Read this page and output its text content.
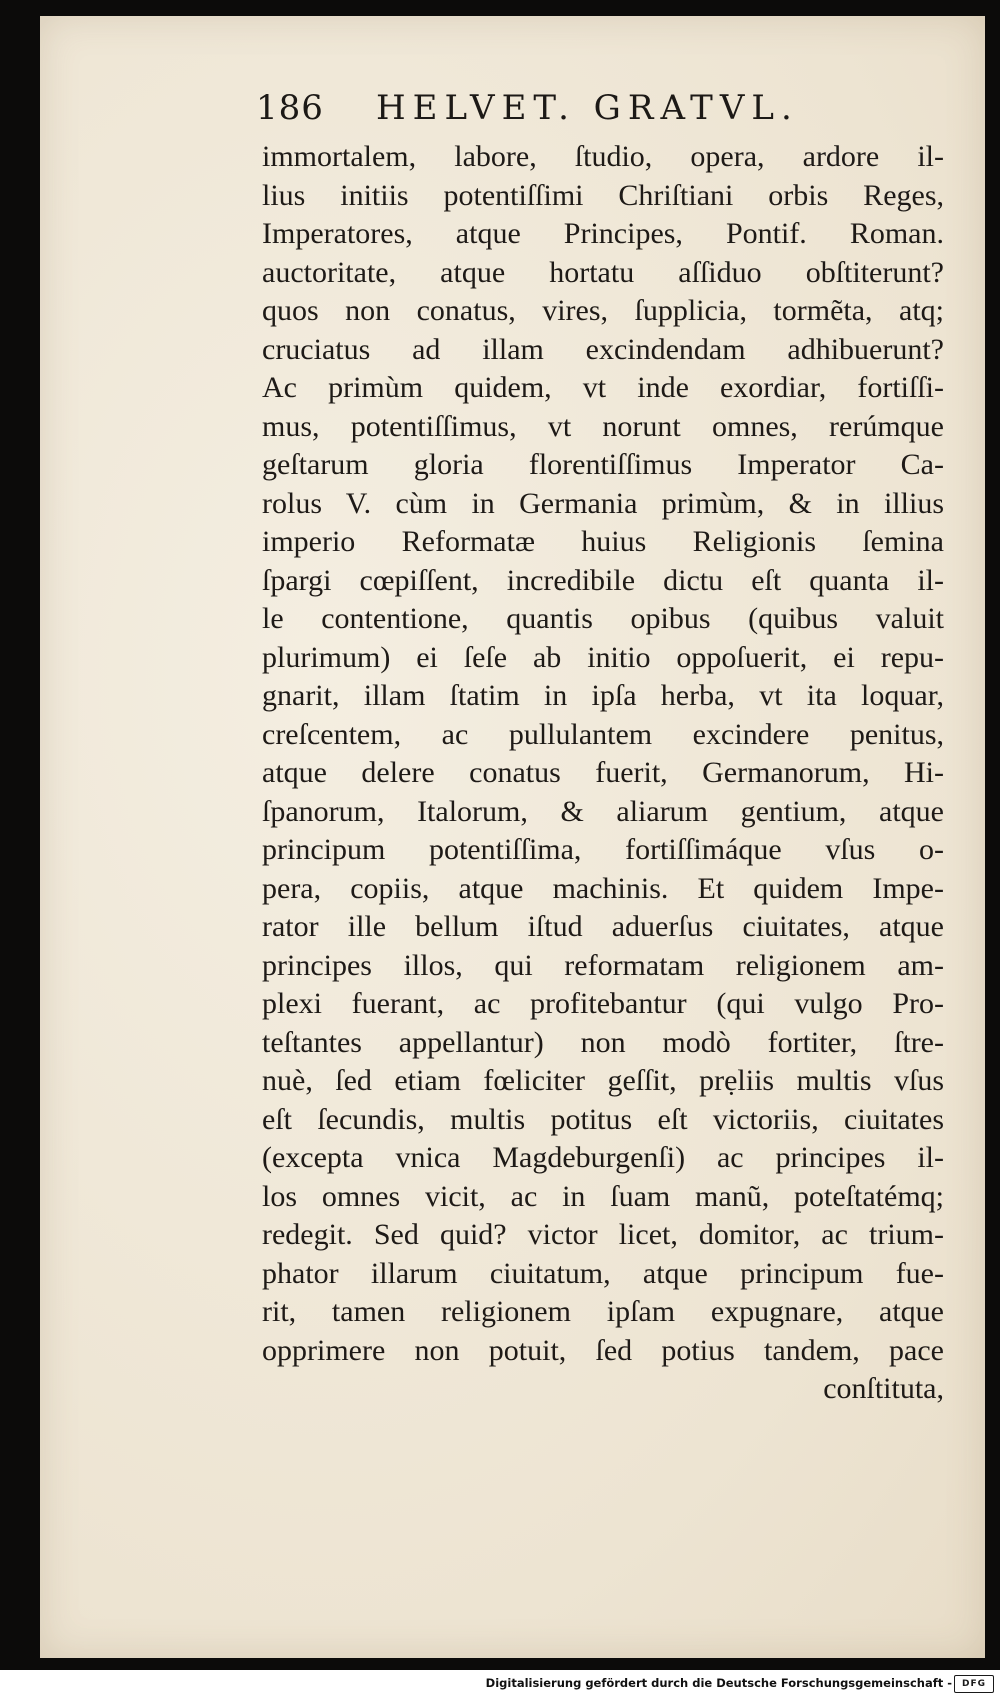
186 HELVET. GRATVL.
immortalem, labore, ſtudio, opera, ardore il-
lius initiis potentiſſimi Chriſtiani orbis Reges,
Imperatores, atque Principes, Pontif. Roman.
auctoritate, atque hortatu aſſiduo obſtiterunt?
quos non conatus, vires, ſupplicia, tormẽta, atq;
cruciatus ad illam excindendam adhibuerunt?
Ac primùm quidem, vt inde exordiar, fortiſſi-
mus, potentiſſimus, vt norunt omnes, rerúmque
geſtarum gloria florentiſſimus Imperator Ca-
rolus V. cùm in Germania primùm, & in illius
imperio Reformatæ huius Religionis ſemina
ſpargi cœpiſſent, incredibile dictu eſt quanta il-
le contentione, quantis opibus (quibus valuit
plurimum) ei ſeſe ab initio oppoſuerit, ei repu-
gnarit, illam ſtatim in ipſa herba, vt ita loquar,
creſcentem, ac pullulantem excindere penitus,
atque delere conatus fuerit, Germanorum, Hi-
ſpanorum, Italorum, & aliarum gentium, atque
principum potentiſſima, fortiſſimáque vſus o-
pera, copiis, atque machinis. Et quidem Impe-
rator ille bellum iſtud aduerſus ciuitates, atque
principes illos, qui reformatam religionem am-
plexi fuerant, ac profitebantur (qui vulgo Pro-
teſtantes appellantur) non modò fortiter, ſtre-
nuè, ſed etiam fœliciter geſſit, prẹliis multis vſus
eſt ſecundis, multis potitus eſt victoriis, ciuitates
(excepta vnica Magdeburgenſi) ac principes il-
los omnes vicit, ac in ſuam manũ, poteſtatémq;
redegit. Sed quid? victor licet, domitor, ac trium-
phator illarum ciuitatum, atque principum fue-
rit, tamen religionem ipſam expugnare, atque
opprimere non potuit, ſed potius tandem, pace
conſtituta,
Digitalisierung gefördert durch die Deutsche Forschungsgemeinschaft -	DFG
